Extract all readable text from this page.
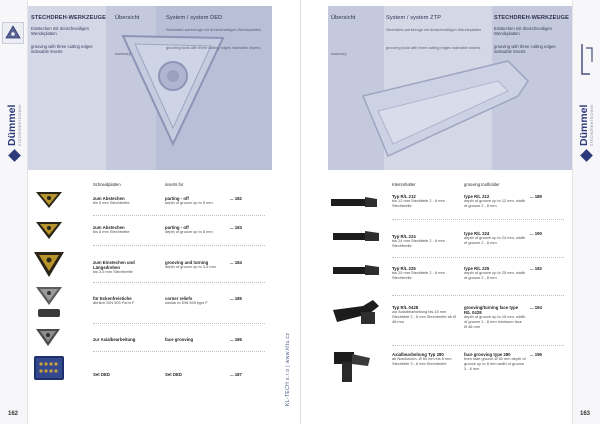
Dümmel STECHDREHTECHNIK
STECHDREH-WERKZEUGE
Einstechen mit dreischneidigen Wendeplatten
grooving with three cutting edges indexable inserts
Übersicht
summary
System / system DED
Stechdreh-werkzeuge mit dreischneidigen Wendeplatten
grooving tools with three cutting edges indexable inserts
Schneidplatten	inserts for
zum Abstechen
bis 5 mm Stechbreite
parting - off
depth of groove up to 5 mm
... 182
zum Abstechen
bis 6 mm Stechbreite
parting - off
depth of groove up to 6 mm
... 183
zum Einstechen und Längsdrehen
bis 3,5 mm Stechbreite
grooving and turning
depth of groove up to 3,5 mm
... 184
für Eckenfreistiche
ähnlich DIN 509 Form F
corner reliefs
similar to DIN 509 type F
... 185
zur Axialbearbeitung	face grooving	... 186
Set DED	Set DED	... 187
162
KL-TECH s.r.o | www.kltu.cz
Dümmel STECHDREHTECHNIK
Übersicht
summary
System / system ZTP
Stechdreh-werkzeuge mit dreischneidigen Wendeplatten
grooving tools with three cutting edges indexable inserts
STECHDREH-WERKZEUGE
Einstechen mit dreischneidigen Wendeplatten
grooving with three cutting edges indexable inserts
Klemmhalter	grooving toolholder
Typ R/L 212
bis 12 mm Stechtiefe 2 - 6 mm Stechbreite
type R/L 212
depth of groove up to 12 mm, width of groove 2 - 6 mm
... 189
Typ R/L 224
bis 24 mm Stechtiefe 2 - 6 mm Stechbreite
type R/L 224
depth of groove up to 24 mm, width of groove 2 - 6 mm
... 190
Typ R/L 225
bis 25 mm Stechtiefe 2 - 6 mm Stechbreite
type R/L 225
depth of groove up to 25 mm, width of groove 2 - 6 mm
... 192
Typ R/L 0428
zur Axialbearbeitung bis 15 mm Stechtiefe 2 - 6 mm Stechbreite ab Ø 48 mm
grooving/turning face type R/L 0428
depth of groove up to 15 mm, width of groove 2 - 6 mm minimum face Ø 48 mm
... 194
Axialbearbeitung Typ 280
ab Nutdurchm. Ø 60 mm bis 8 mm Stechtiefe 3 - 6 mm Stechbreite
face grooving type 280
from start groove Ø 60 mm depth of groove up to 8 mm width of groove 3 - 6 mm
... 196
163
